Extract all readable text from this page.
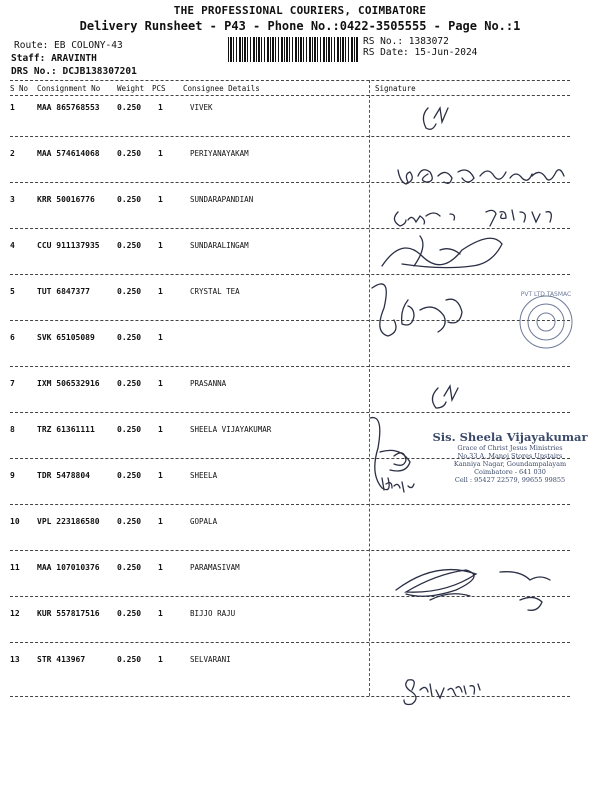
THE PROFESSIONAL COURIERS, COIMBATORE
Delivery Runsheet - P43 - Phone No.:0422-3505555 - Page No.:1
Route: EB COLONY-43
Staff: ARAVINTH
DRS No.: DCJB138307201
RS No.: 1383072
RS Date: 15-Jun-2024
S No Consignment No Weight PCS Consignee Details	Signature
1	MAA 865768553 0.250 1	VIVEK
2	MAA 574614068 0.250 1	PERIYANAYAKAM
3	KRR 50016776	0.250 1	SUNDARAPANDIAN
4	CCU 911137935 0.250 1	SUNDARALINGAM
5	TUT 6847377	0.250 1	CRYSTAL TEA
6	SVK 65105089	0.250 1
7	IXM 506532916 0.250 1	PRASANNA
8	TRZ 61361111	0.250 1	SHEELA VIJAYAKUMAR
9	TDR 5478804	0.250 1	SHEELA
10 VPL 223186580 0.250 1	GOPALA
11 MAA 107010376 0.250 1	PARAMASIVAM
12 KUR 557817516 0.250 1	BIJJO RAJU
13 STR 413967	0.250 1	SELVARANI
Sis. Sheela Vijayakumar
Grace of Christ Jesus Ministries
No.33 A, Manoj Stores Upstairs
Kanniya Nagar, Goundampalayam
Coimbatore - 641 030
Cell : 95427 22579, 99655 99855
PVT LTD TASMAC
